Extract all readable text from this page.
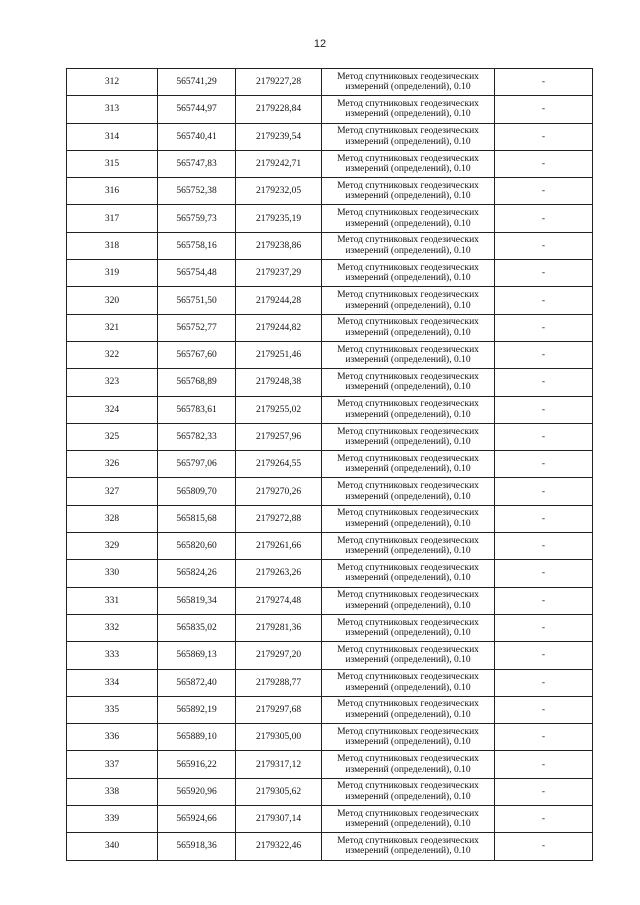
12
312	565741,29	2179227,28	Метод спутниковых геодезических
измерений (определений), 0.10	-
313	565744,97	2179228,84	Метод спутниковых геодезических
измерений (определений), 0.10	-
314	565740,41	2179239,54	Метод спутниковых геодезических
измерений (определений), 0.10	-
315	565747,83	2179242,71	Метод спутниковых геодезических
измерений (определений), 0.10	-
316	565752,38	2179232,05	Метод спутниковых геодезических
измерений (определений), 0.10	-
317	565759,73	2179235,19	Метод спутниковых геодезических
измерений (определений), 0.10	-
318	565758,16	2179238,86	Метод спутниковых геодезических
измерений (определений), 0.10	-
319	565754,48	2179237,29	Метод спутниковых геодезических
измерений (определений), 0.10	-
320	565751,50	2179244,28	Метод спутниковых геодезических
измерений (определений), 0.10	-
321	565752,77	2179244,82	Метод спутниковых геодезических
измерений (определений), 0.10	-
322	565767,60	2179251,46	Метод спутниковых геодезических
измерений (определений), 0.10	-
323	565768,89	2179248,38	Метод спутниковых геодезических
измерений (определений), 0.10	-
324	565783,61	2179255,02	Метод спутниковых геодезических
измерений (определений), 0.10	-
325	565782,33	2179257,96	Метод спутниковых геодезических
измерений (определений), 0.10	-
326	565797,06	2179264,55	Метод спутниковых геодезических
измерений (определений), 0.10	-
327	565809,70	2179270,26	Метод спутниковых геодезических
измерений (определений), 0.10	-
328	565815,68	2179272,88	Метод спутниковых геодезических
измерений (определений), 0.10	-
329	565820,60	2179261,66	Метод спутниковых геодезических
измерений (определений), 0.10	-
330	565824,26	2179263,26	Метод спутниковых геодезических
измерений (определений), 0.10	-
331	565819,34	2179274,48	Метод спутниковых геодезических
измерений (определений), 0.10	-
332	565835,02	2179281,36	Метод спутниковых геодезических
измерений (определений), 0.10	-
333	565869,13	2179297,20	Метод спутниковых геодезических
измерений (определений), 0.10	-
334	565872,40	2179288,77	Метод спутниковых геодезических
измерений (определений), 0.10	-
335	565892,19	2179297,68	Метод спутниковых геодезических
измерений (определений), 0.10	-
336	565889,10	2179305,00	Метод спутниковых геодезических
измерений (определений), 0.10	-
337	565916,22	2179317,12	Метод спутниковых геодезических
измерений (определений), 0.10	-
338	565920,96	2179305,62	Метод спутниковых геодезических
измерений (определений), 0.10	-
339	565924,66	2179307,14	Метод спутниковых геодезических
измерений (определений), 0.10	-
340	565918,36	2179322,46	Метод спутниковых геодезических
измерений (определений), 0.10	-
